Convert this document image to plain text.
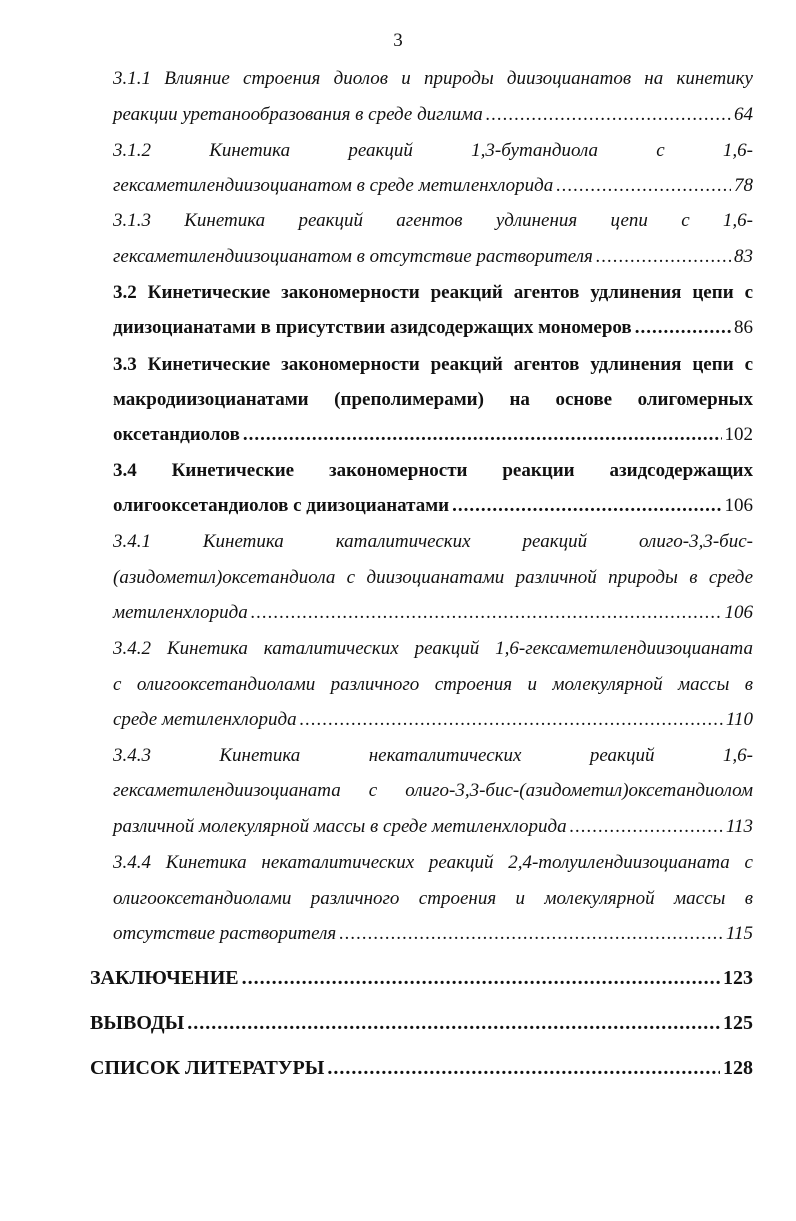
3
3.1.1 Влияние строения диолов и природы диизоцианатов на кинетику
реакции уретанообразования в среде диглима .....	64
3.1.2	Кинетика	реакций	1,3-бутандиола	с	1,6-
гексаметилендиизоцианатом в среде метиленхлорида .....	78
3.1.3 Кинетика реакций агентов удлинения цепи с 1,6-
гексаметилендиизоцианатом в отсутствие растворителя .....	83
3.2 Кинетические закономерности реакций агентов удлинения цепи с
диизоцианатами в присутствии азидсодержащих мономеров .....	86
3.3 Кинетические закономерности реакций агентов удлинения цепи с
макродиизоцианатами (преполимерами) на основе олигомерных
оксетандиолов .....	102
3.4 Кинетические закономерности реакции азидсодержащих
олигооксетандиолов с диизоцианатами .....	106
3.4.1	Кинетика	каталитических	реакций	олиго-3,3-бис-
(азидометил)оксетандиола с диизоцианатами различной природы в среде
метиленхлорида .....	106
3.4.2 Кинетика каталитических реакций 1,6-гексаметилендиизоцианата
с олигооксетандиолами различного строения и молекулярной массы в
среде метиленхлорида .....	110
3.4.3	Кинетика	некаталитических	реакций	1,6-
гексаметилендиизоцианата с олиго-3,3-бис-(азидометил)оксетандиолом
различной молекулярной массы в среде метиленхлорида .....	113
3.4.4 Кинетика некаталитических реакций 2,4-толуилендиизоцианата с
олигооксетандиолами различного строения и молекулярной массы в
отсутствие растворителя .....	115
ЗАКЛЮЧЕНИЕ .....	123
ВЫВОДЫ .....	125
СПИСОК ЛИТЕРАТУРЫ .....	128
